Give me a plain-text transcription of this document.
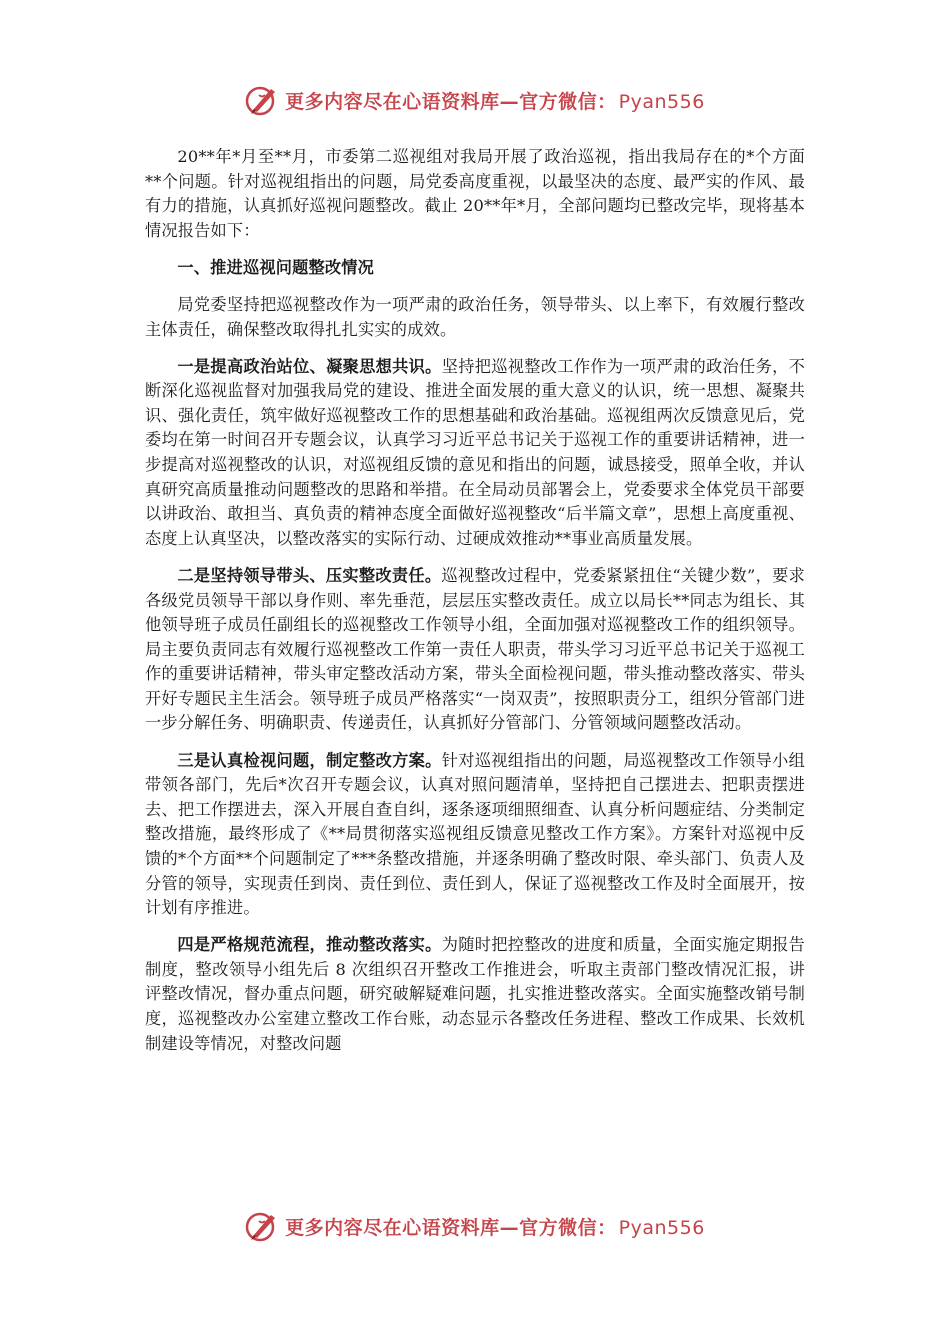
更多内容尽在心语资料库—官方微信： Pyan556

20**年*月至**月，市委第二巡视组对我局开展了政治巡视，指出我局存在的*个方面**个问题。针对巡视组指出的问题，局党委高度重视，以最坚决的态度、最严实的作风、最有力的措施，认真抓好巡视问题整改。截止 20**年*月，全部问题均已整改完毕，现将基本情况报告如下：

一、推进巡视问题整改情况

局党委坚持把巡视整改作为一项严肃的政治任务，领导带头、以上率下，有效履行整改主体责任，确保整改取得扎扎实实的成效。

一是提高政治站位、凝聚思想共识。坚持把巡视整改工作作为一项严肃的政治任务，不断深化巡视监督对加强我局党的建设、推进全面发展的重大意义的认识，统一思想、凝聚共识、强化责任，筑牢做好巡视整改工作的思想基础和政治基础。巡视组两次反馈意见后，党委均在第一时间召开专题会议，认真学习习近平总书记关于巡视工作的重要讲话精神，进一步提高对巡视整改的认识，对巡视组反馈的意见和指出的问题，诚恳接受，照单全收，并认真研究高质量推动问题整改的思路和举措。在全局动员部署会上，党委要求全体党员干部要以讲政治、敢担当、真负责的精神态度全面做好巡视整改“后半篇文章”，思想上高度重视、态度上认真坚决，以整改落实的实际行动、过硬成效推动**事业高质量发展。

二是坚持领导带头、压实整改责任。巡视整改过程中，党委紧紧扭住“关键少数”，要求各级党员领导干部以身作则、率先垂范，层层压实整改责任。成立以局长**同志为组长、其他领导班子成员任副组长的巡视整改工作领导小组，全面加强对巡视整改工作的组织领导。局主要负责同志有效履行巡视整改工作第一责任人职责，带头学习习近平总书记关于巡视工作的重要讲话精神，带头审定整改活动方案，带头全面检视问题，带头推动整改落实、带头开好专题民主生活会。领导班子成员严格落实“一岗双责”，按照职责分工，组织分管部门进一步分解任务、明确职责、传递责任，认真抓好分管部门、分管领域问题整改活动。

三是认真检视问题，制定整改方案。针对巡视组指出的问题，局巡视整改工作领导小组带领各部门，先后*次召开专题会议，认真对照问题清单，坚持把自己摆进去、把职责摆进去、把工作摆进去，深入开展自查自纠，逐条逐项细照细查、认真分析问题症结、分类制定整改措施，最终形成了《**局贯彻落实巡视组反馈意见整改工作方案》。方案针对巡视中反馈的*个方面**个问题制定了***条整改措施，并逐条明确了整改时限、牵头部门、负责人及分管的领导，实现责任到岗、责任到位、责任到人，保证了巡视整改工作及时全面展开，按计划有序推进。

四是严格规范流程，推动整改落实。为随时把控整改的进度和质量，全面实施定期报告制度，整改领导小组先后 8 次组织召开整改工作推进会，听取主责部门整改情况汇报，讲评整改情况，督办重点问题，研究破解疑难问题，扎实推进整改落实。全面实施整改销号制度，巡视整改办公室建立整改工作台账，动态显示各整改任务进程、整改工作成果、长效机制建设等情况，对整改问题

更多内容尽在心语资料库—官方微信： Pyan556
